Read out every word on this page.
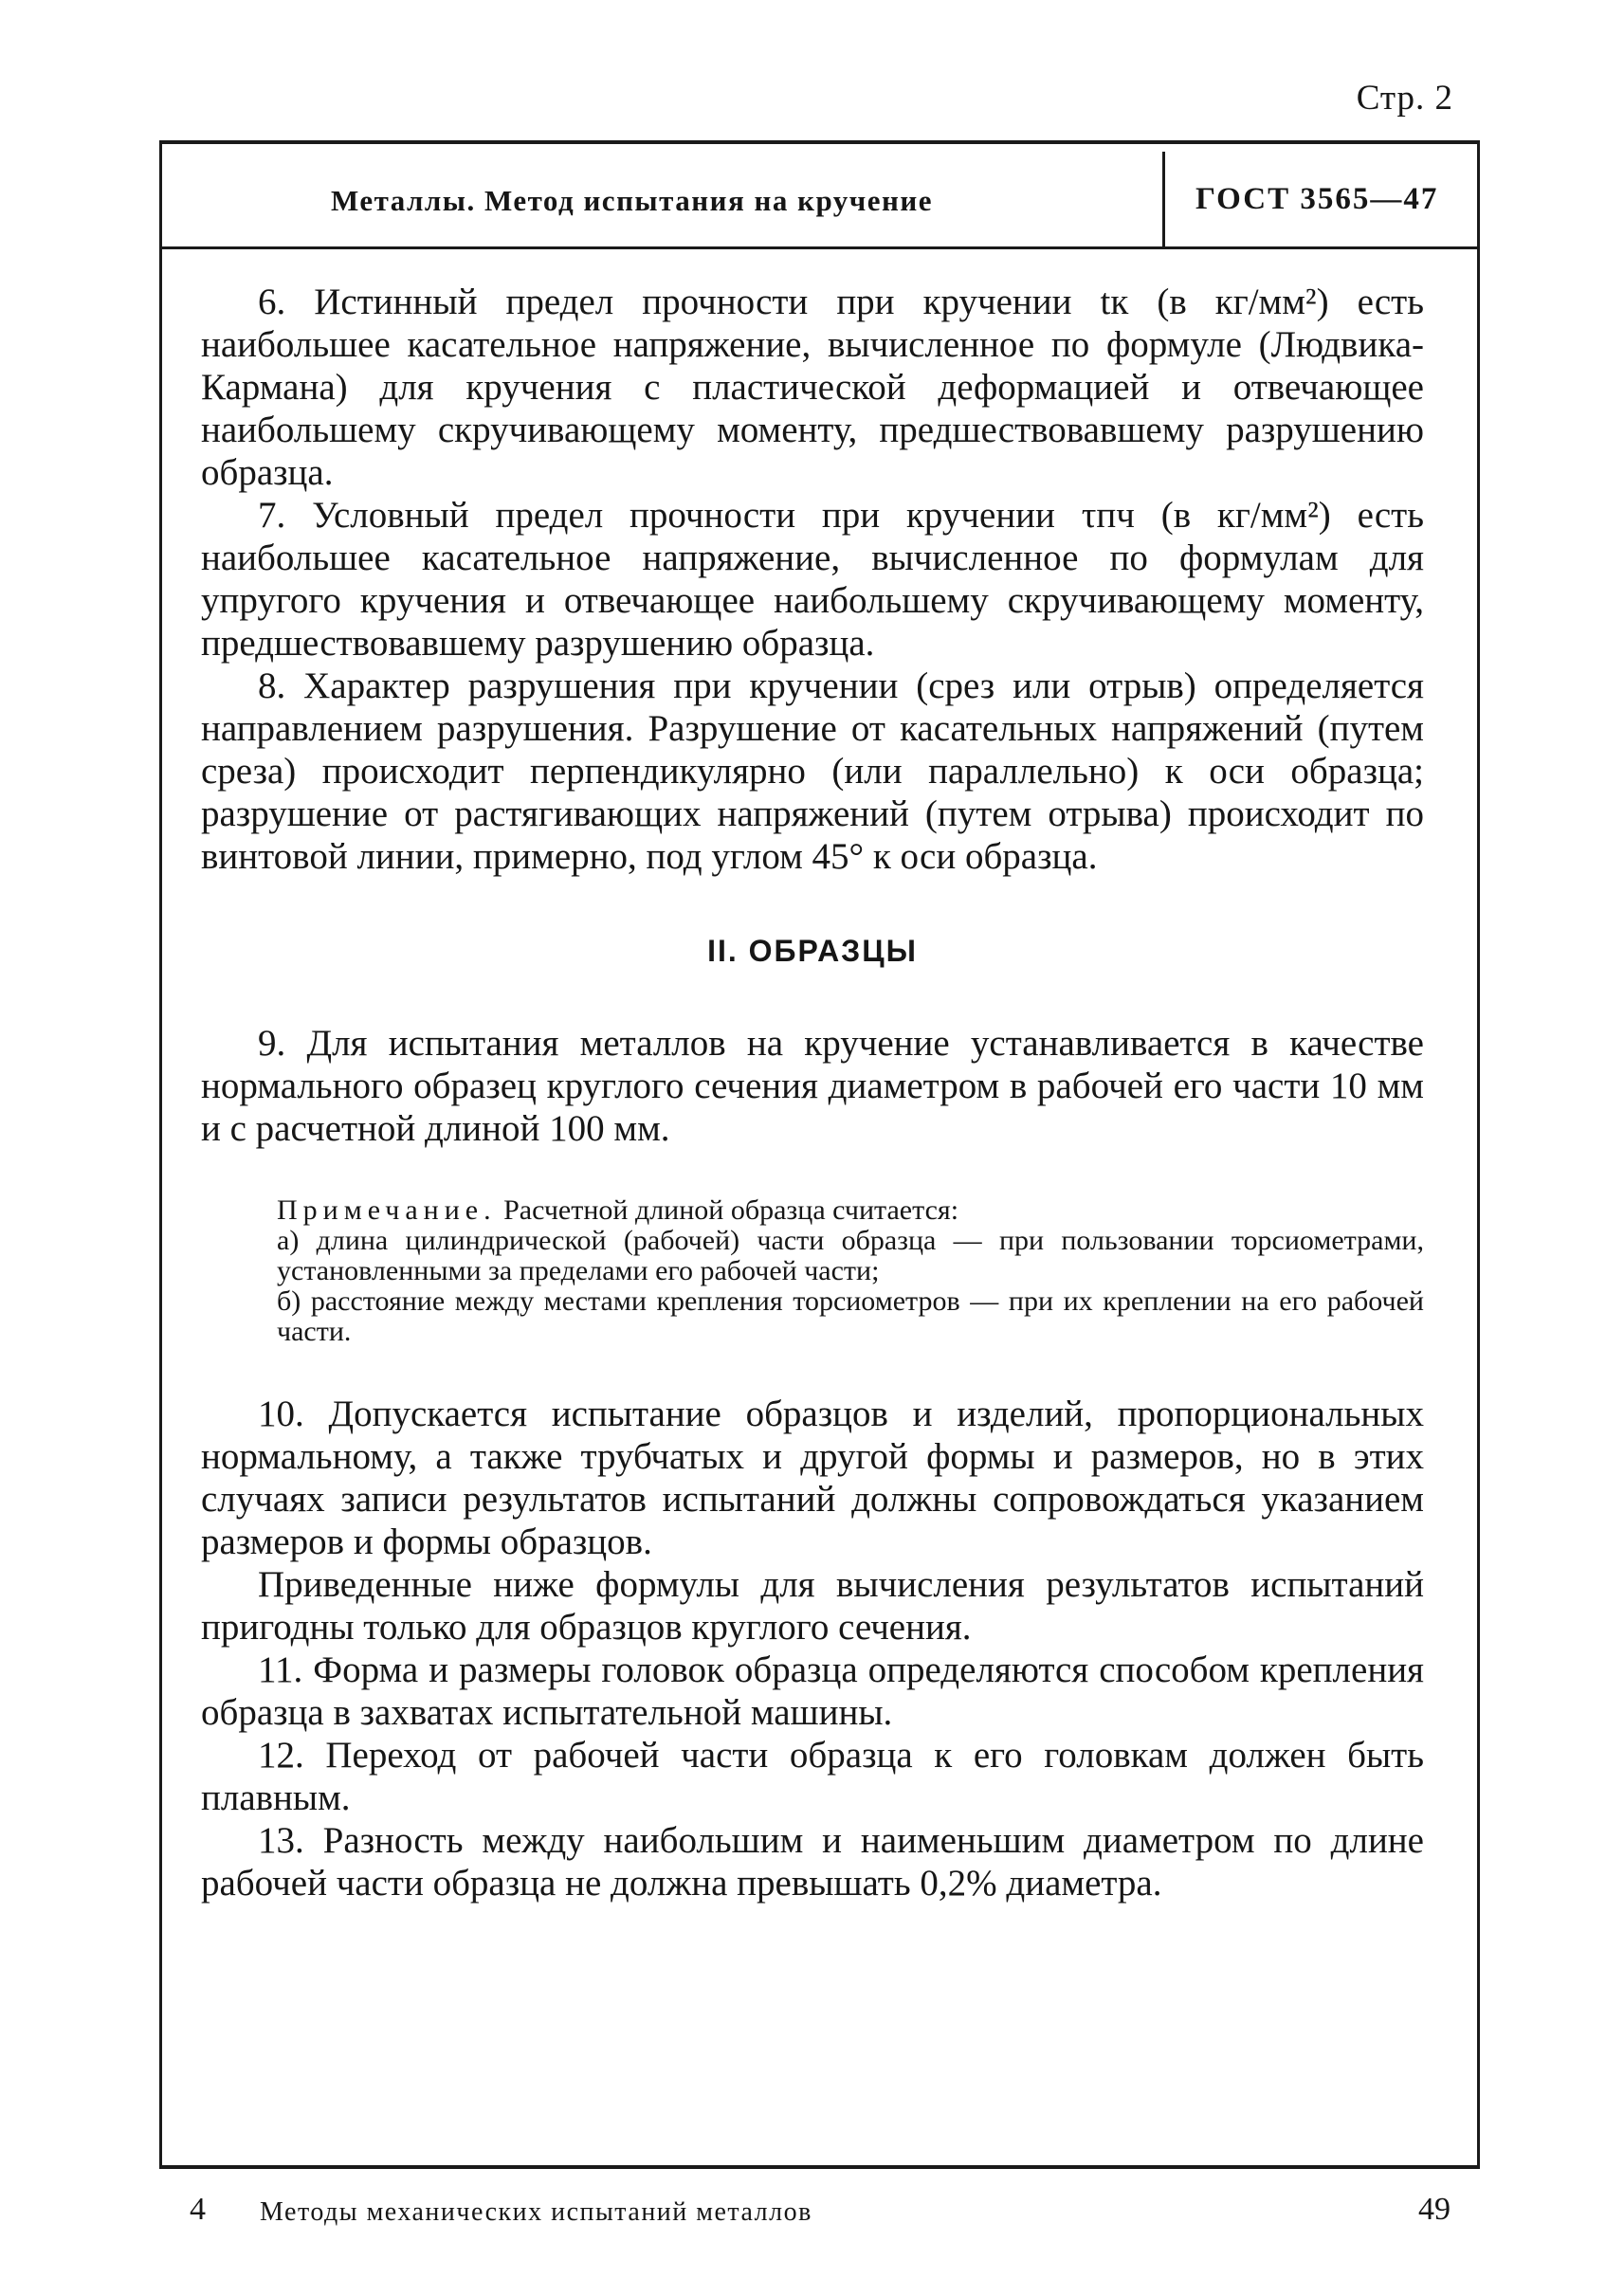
Стр. 2
Металлы. Метод испытания на кручение	ГОСТ 3565—47

6. Истинный предел прочности при кручении tк (в кг/мм²) есть наибольшее касательное напряжение, вычисленное по формуле (Людвика-Кармана) для кручения с пластической деформацией и отвечающее наибольшему скручивающему моменту, предшествовавшему разрушению образца.

7. Условный предел прочности при кручении τпч (в кг/мм²) есть наибольшее касательное напряжение, вычисленное по формулам для упругого кручения и отвечающее наибольшему скручивающему моменту, предшествовавшему разрушению образца.

8. Характер разрушения при кручении (срез или отрыв) определяется направлением разрушения. Разрушение от касательных напряжений (путем среза) происходит перпендикулярно (или параллельно) к оси образца; разрушение от растягивающих напряжений (путем отрыва) происходит по винтовой линии, примерно, под углом 45° к оси образца.

II. ОБРАЗЦЫ

9. Для испытания металлов на кручение устанавливается в качестве нормального образец круглого сечения диаметром в рабочей его части 10 мм и с расчетной длиной 100 мм.

Примечание. Расчетной длиной образца считается:

а) длина цилиндрической (рабочей) части образца — при пользовании торсиометрами, установленными за пределами его рабочей части;

б) расстояние между местами крепления торсиометров — при их креплении на его рабочей части.

10. Допускается испытание образцов и изделий, пропорциональных нормальному, а также трубчатых и другой формы и размеров, но в этих случаях записи результатов испытаний должны сопровождаться указанием размеров и формы образцов.

Приведенные ниже формулы для вычисления результатов испытаний пригодны только для образцов круглого сечения.

11. Форма и размеры головок образца определяются способом крепления образца в захватах испытательной машины.

12. Переход от рабочей части образца к его головкам должен быть плавным.

13. Разность между наибольшим и наименьшим диаметром по длине рабочей части образца не должна превышать 0,2% диаметра.

4 Методы механических испытаний металлов	49
